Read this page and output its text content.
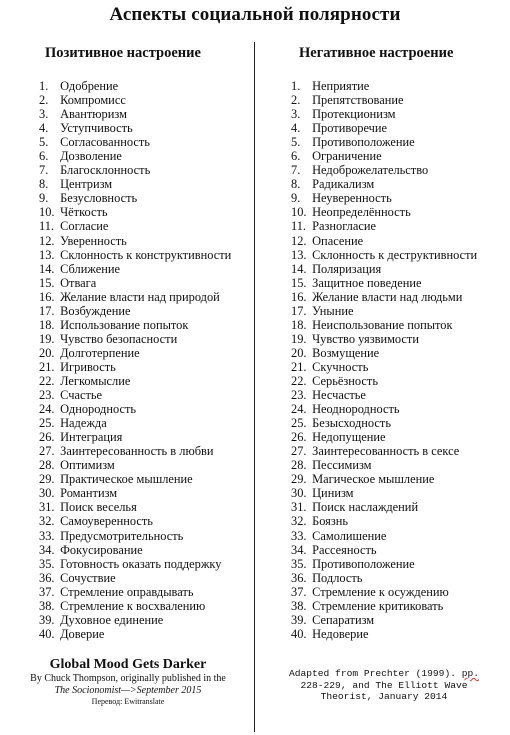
Аспекты социальной полярности
Позитивное настроение	Негативное настроение
1. Одобрение
2. Компромисс
3. Авантюризм
4. Уступчивость
5. Согласованность
6. Дозволение
7. Благосклонность
8. Центризм
9. Безусловность
10. Чёткость
11. Согласие
12. Уверенность
13. Склонность к конструктивности
14. Сближение
15. Отвага
16. Желание власти над природой
17. Возбуждение
18. Использование попыток
19. Чувство безопасности
20. Долготерпение
21. Игривость
22. Легкомыслие
23. Счастье
24. Однородность
25. Надежда
26. Интеграция
27. Заинтересованность в любви
28. Оптимизм
29. Практическое мышление
30. Романтизм
31. Поиск веселья
32. Самоуверенность
33. Предусмотрительность
34. Фокусирование
35. Готовность оказать поддержку
36. Сочуствие
37. Стремление оправдывать
38. Стремление к восхвалению
39. Духовное единение
40. Доверие
1. Неприятие
2. Препятствование
3. Протекционизм
4. Противоречие
5. Противоположение
6. Ограничение
7. Недоброжелательство
8. Радикализм
9. Неуверенность
10. Неопределённость
11. Разногласие
12. Опасение
13. Склонность к деструктивности
14. Поляризация
15. Защитное поведение
16. Желание власти над людьми
17. Уныние
18. Неиспользование попыток
19. Чувство уязвимости
20. Возмущение
21. Скучность
22. Серьёзность
23. Несчастье
24. Неоднородность
25. Безысходность
26. Недопущение
27. Заинтересованность в сексе
28. Пессимизм
29. Магическое мышление
30. Цинизм
31. Поиск наслаждений
32. Боязнь
33. Самолишение
34. Рассеяность
35. Противоположение
36. Подлость
37. Стремление к осуждению
38. Стремление критиковать
39. Сепаратизм
40. Недоверие
Global Mood Gets Darker
By Chuck Thompson, originally published in the
The Socionomist—>September 2015
Перевод: Ewitranslate
Adapted from Prechter (1999). pp.
228-229, and The Elliott Wave
Theorist, January 2014
